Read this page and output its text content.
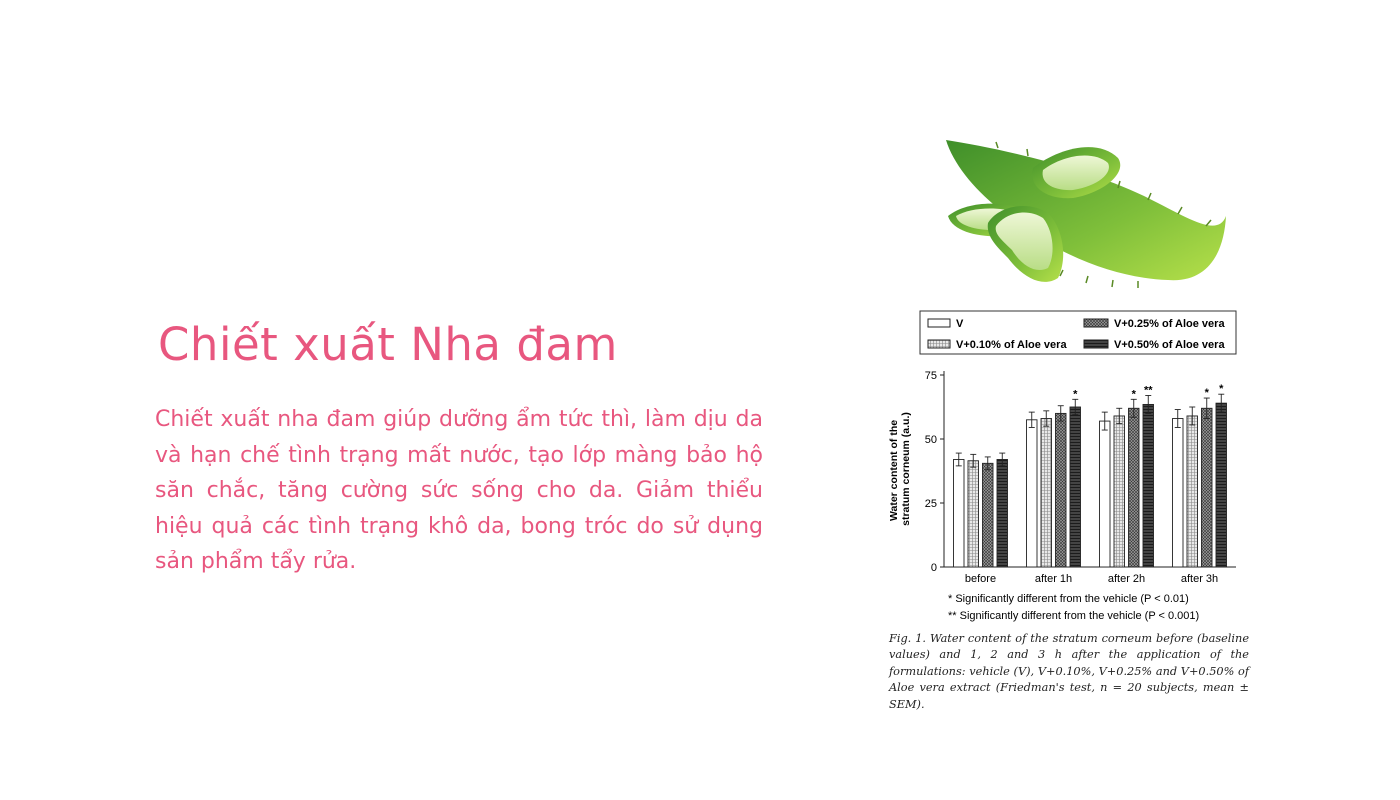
Chiết xuất Nha đam
Chiết xuất nha đam giúp dưỡng ẩm tức thì, làm dịu da và hạn chế tình trạng mất nước, tạo lớp màng bảo hộ săn chắc, tăng cường sức sống cho da. Giảm thiểu hiệu quả các tình trạng khô da, bong tróc do sử dụng sản phẩm tẩy rửa.
V
V+0.10% of Aloe vera
V+0.25% of Aloe vera
V+0.50% of Aloe vera
0
25
50
75
before
*
after 1h
* **
after 2h
* *
after 3h
Water content of the stratum corneum (a.u.)
* Significantly different from the vehicle (P < 0.01)
** Significantly different from the vehicle (P < 0.001)
Fig. 1. Water content of the stratum corneum before (baseline values) and 1, 2 and 3 h after the application of the formulations: vehicle (V), V+0.10%, V+0.25% and V+0.50% of Aloe vera extract (Friedman's test, n = 20 subjects, mean ± SEM).
